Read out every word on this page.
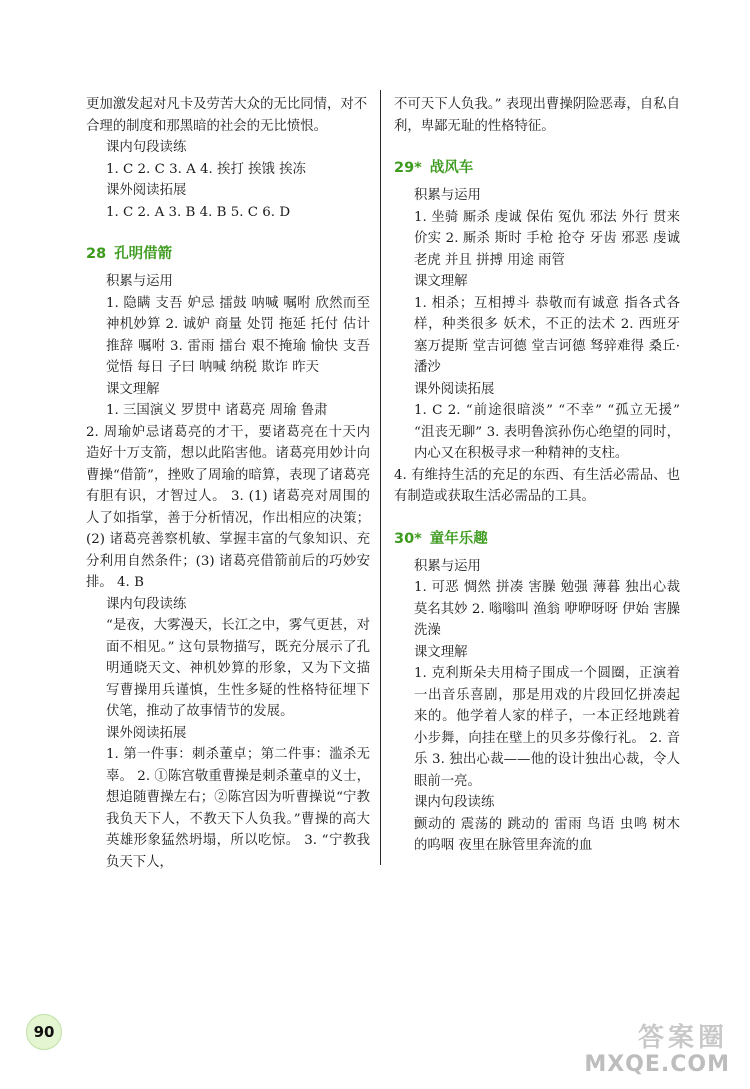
更加激发起对凡卡及劳苦大众的无比同情，对不

合理的制度和那黑暗的社会的无比愤恨。

课内句段读练

1. C 2. C 3. A 4. 挨打 挨饿 挨冻

课外阅读拓展

1. C 2. A 3. B 4. B 5. C 6. D

28 孔明借箭

积累与运用

1. 隐瞒 支吾 妒忌 擂鼓 呐喊 嘱咐 欣然而至 神机妙算 2. 诚妒 商量 处罚 拖延 托付 估计 推辞 嘱咐 3. 雷雨 擂台 艰不掩瑜 愉快 支吾 觉悟 每日 子曰 呐喊 纳税 欺诈 昨天

课文理解

1. 三国演义 罗贯中 诸葛亮 周瑜 鲁肃

2. 周瑜妒忌诸葛亮的才干，要诸葛亮在十天内造好十万支箭，想以此陷害他。诸葛亮用妙计向曹操“借箭”，挫败了周瑜的暗算，表现了诸葛亮有胆有识，才智过人。 3. (1) 诸葛亮对周围的人了如指掌，善于分析情况，作出相应的决策；(2) 诸葛亮善察机敏、掌握丰富的气象知识、充分利用自然条件；(3) 诸葛亮借箭前后的巧妙安排。 4. B

课内句段读练

“是夜，大雾漫天，长江之中，雾气更甚，对面不相见。” 这句景物描写，既充分展示了孔明通晓天文、神机妙算的形象，又为下文描写曹操用兵谨慎，生性多疑的性格特征埋下伏笔，推动了故事情节的发展。

课外阅读拓展

1. 第一件事：刺杀董卓；第二件事：滥杀无辜。 2. ①陈宫敬重曹操是刺杀董卓的义士，想追随曹操左右；②陈宫因为听曹操说“宁教我负天下人，不教天下人负我。”曹操的高大英雄形象猛然坍塌，所以吃惊。 3. “宁教我负天下人，

不可天下人负我。” 表现出曹操阴险恶毒，自私自利，卑鄙无耻的性格特征。

29* 战风车

积累与运用

1. 坐骑 厮杀 虔诚 保佑 冤仇 邪法 外行 贯来价实 2. 厮杀 斯时 手枪 抢夺 牙齿 邪恶 虔诚 老虎 并且 拼搏 用途 雨管

课文理解

1. 相杀；互相搏斗 恭敬而有诚意 指各式各样，种类很多 妖术，不正的法术 2. 西班牙 塞万提斯 堂吉诃德 堂吉诃德 驽骍难得 桑丘·潘沙

课外阅读拓展

1. C 2. “前途很暗淡” “不幸” “孤立无援” “沮丧无聊” 3. 表明鲁滨孙伤心绝望的同时，内心又在积极寻求一种精神的支柱。

4. 有维持生活的充足的东西、有生活必需品、也有制造或获取生活必需品的工具。

30* 童年乐趣

积累与运用

1. 可恶 惆然 拼凑 害臊 勉强 薄暮 独出心裁 莫名其妙 2. 嗡嗡叫 渔翁 咿咿呀呀 伊始 害臊 洗澡

课文理解

1. 克利斯朵夫用椅子围成一个圆圈，正演着一出音乐喜剧，那是用戏的片段回忆拼凑起来的。他学着人家的样子，一本正经地跳着小步舞，向挂在壁上的贝多芬像行礼。 2. 音乐 3. 独出心裁——他的设计独出心裁，令人眼前一亮。

课内句段读练

颤动的 震荡的 跳动的 雷雨 鸟语 虫鸣 树木的呜咽 夜里在脉管里奔流的血

90	答案圈
MXQE.COM
